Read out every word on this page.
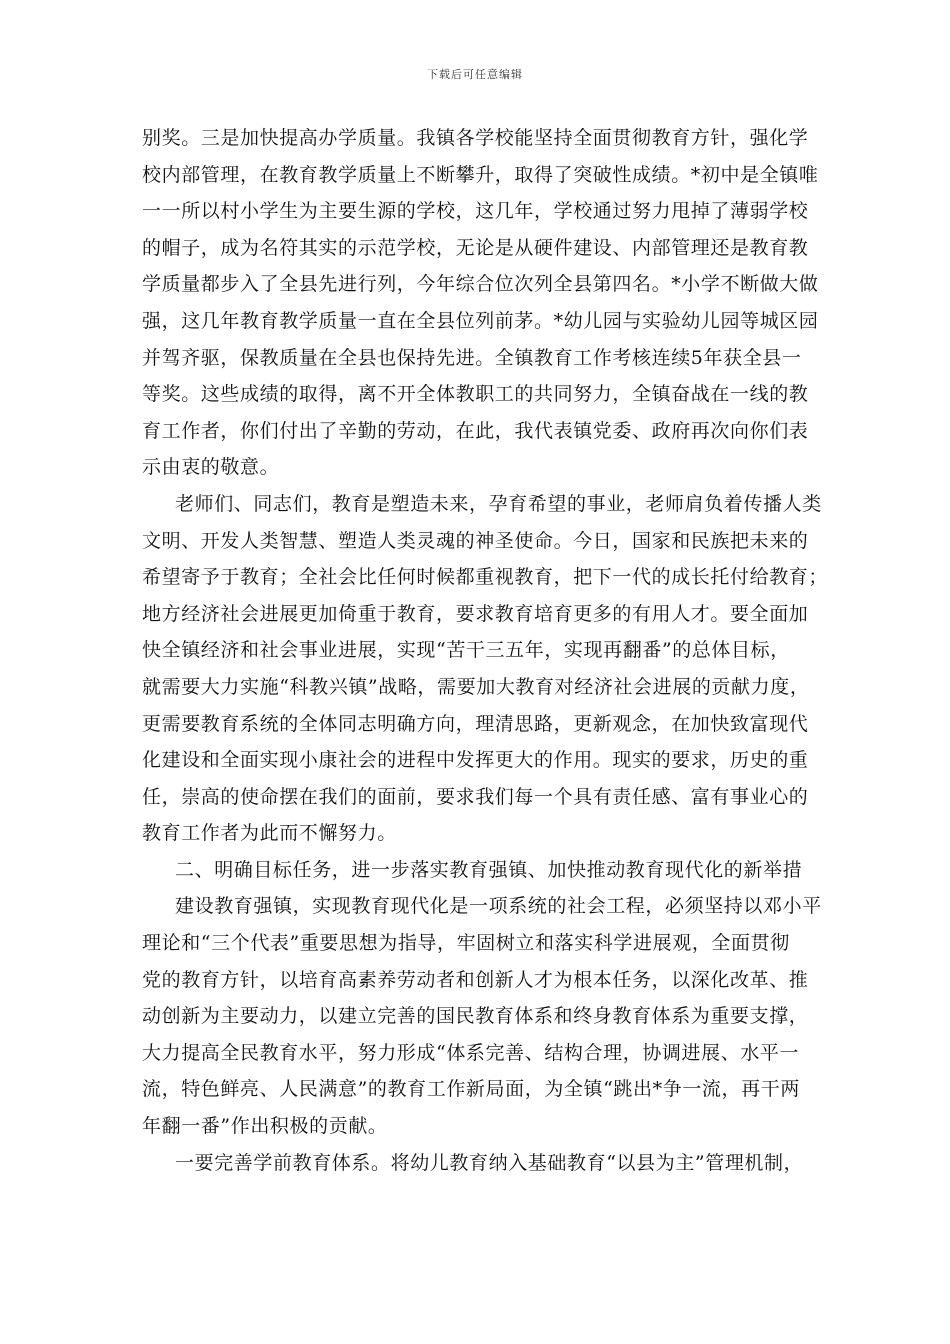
下载后可任意编辑

别奖。三是加快提高办学质量。我镇各学校能坚持全面贯彻教育方针，强化学
校内部管理，在教育教学质量上不断攀升，取得了突破性成绩。*初中是全镇唯
一一所以村小学生为主要生源的学校，这几年，学校通过努力甩掉了薄弱学校
的帽子，成为名符其实的示范学校，无论是从硬件建设、内部管理还是教育教
学质量都步入了全县先进行列，今年综合位次列全县第四名。*小学不断做大做
强，这几年教育教学质量一直在全县位列前茅。*幼儿园与实验幼儿园等城区园
并驾齐驱，保教质量在全县也保持先进。全镇教育工作考核连续5年获全县一
等奖。这些成绩的取得，离不开全体教职工的共同努力，全镇奋战在一线的教
育工作者，你们付出了辛勤的劳动，在此，我代表镇党委、政府再次向你们表
示由衷的敬意。

老师们、同志们，教育是塑造未来，孕育希望的事业，老师肩负着传播人类
文明、开发人类智慧、塑造人类灵魂的神圣使命。今日，国家和民族把未来的
希望寄予于教育；全社会比任何时候都重视教育，把下一代的成长托付给教育；
地方经济社会进展更加倚重于教育，要求教育培育更多的有用人才。要全面加
快全镇经济和社会事业进展，实现“苦干三五年，实现再翻番”的总体目标，
就需要大力实施“科教兴镇”战略，需要加大教育对经济社会进展的贡献力度，
更需要教育系统的全体同志明确方向，理清思路，更新观念，在加快致富现代
化建设和全面实现小康社会的进程中发挥更大的作用。现实的要求，历史的重
任，崇高的使命摆在我们的面前，要求我们每一个具有责任感、富有事业心的
教育工作者为此而不懈努力。

二、明确目标任务，进一步落实教育强镇、加快推动教育现代化的新举措

建设教育强镇，实现教育现代化是一项系统的社会工程，必须坚持以邓小平
理论和“三个代表”重要思想为指导，牢固树立和落实科学进展观，全面贯彻
党的教育方针，以培育高素养劳动者和创新人才为根本任务，以深化改革、推
动创新为主要动力，以建立完善的国民教育体系和终身教育体系为重要支撑，
大力提高全民教育水平，努力形成“体系完善、结构合理，协调进展、水平一
流，特色鲜亮、人民满意”的教育工作新局面，为全镇“跳出*争一流，再干两
年翻一番”作出积极的贡献。

一要完善学前教育体系。将幼儿教育纳入基础教育“以县为主”管理机制，
